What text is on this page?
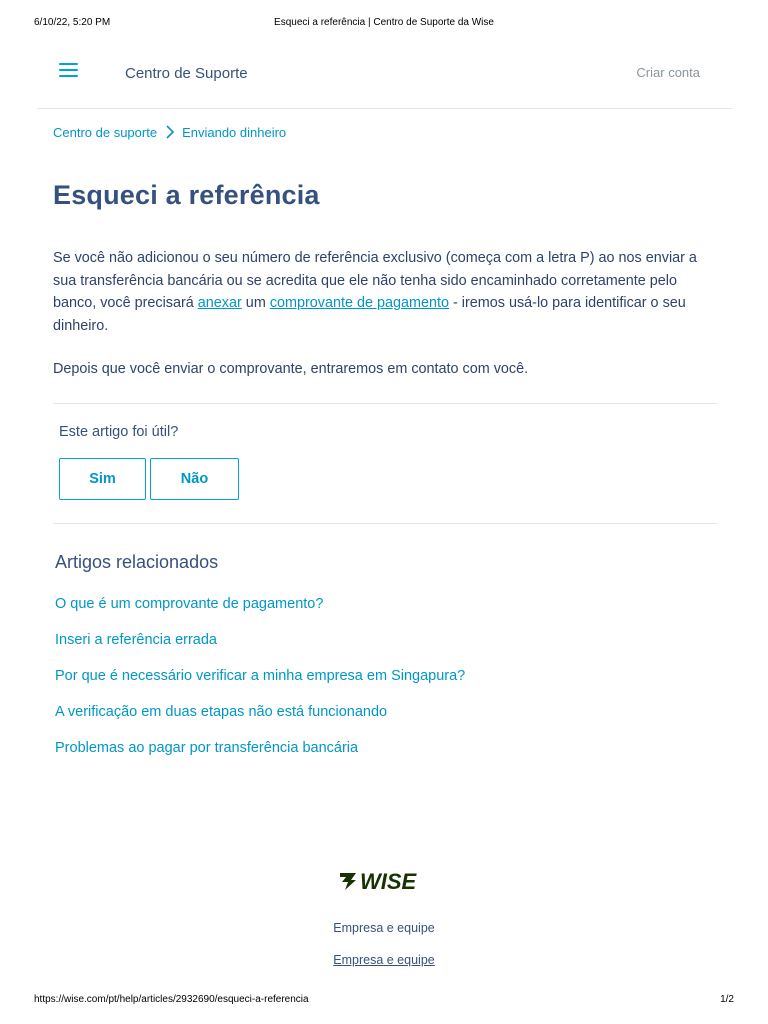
6/10/22, 5:20 PM	Esqueci a referência | Centro de Suporte da Wise
Centro de Suporte	Criar conta
Centro de suporte Enviando dinheiro
Esqueci a referência

Se você não adicionou o seu número de referência exclusivo (começa com a letra P) ao nos enviar a sua transferência bancária ou se acredita que ele não tenha sido encaminhado corretamente pelo banco, você precisará anexar um comprovante de pagamento - iremos usá-lo para identificar o seu dinheiro.

Depois que você enviar o comprovante, entraremos em contato com você.

Este artigo foi útil?
Sim	Não
Artigos relacionados
O que é um comprovante de pagamento?
Inseri a referência errada
Por que é necessário verificar a minha empresa em Singapura?
A verificação em duas etapas não está funcionando
Problemas ao pagar por transferência bancária
WISE
Empresa e equipe
Empresa e equipe
https://wise.com/pt/help/articles/2932690/esqueci-a-referencia	1/2
